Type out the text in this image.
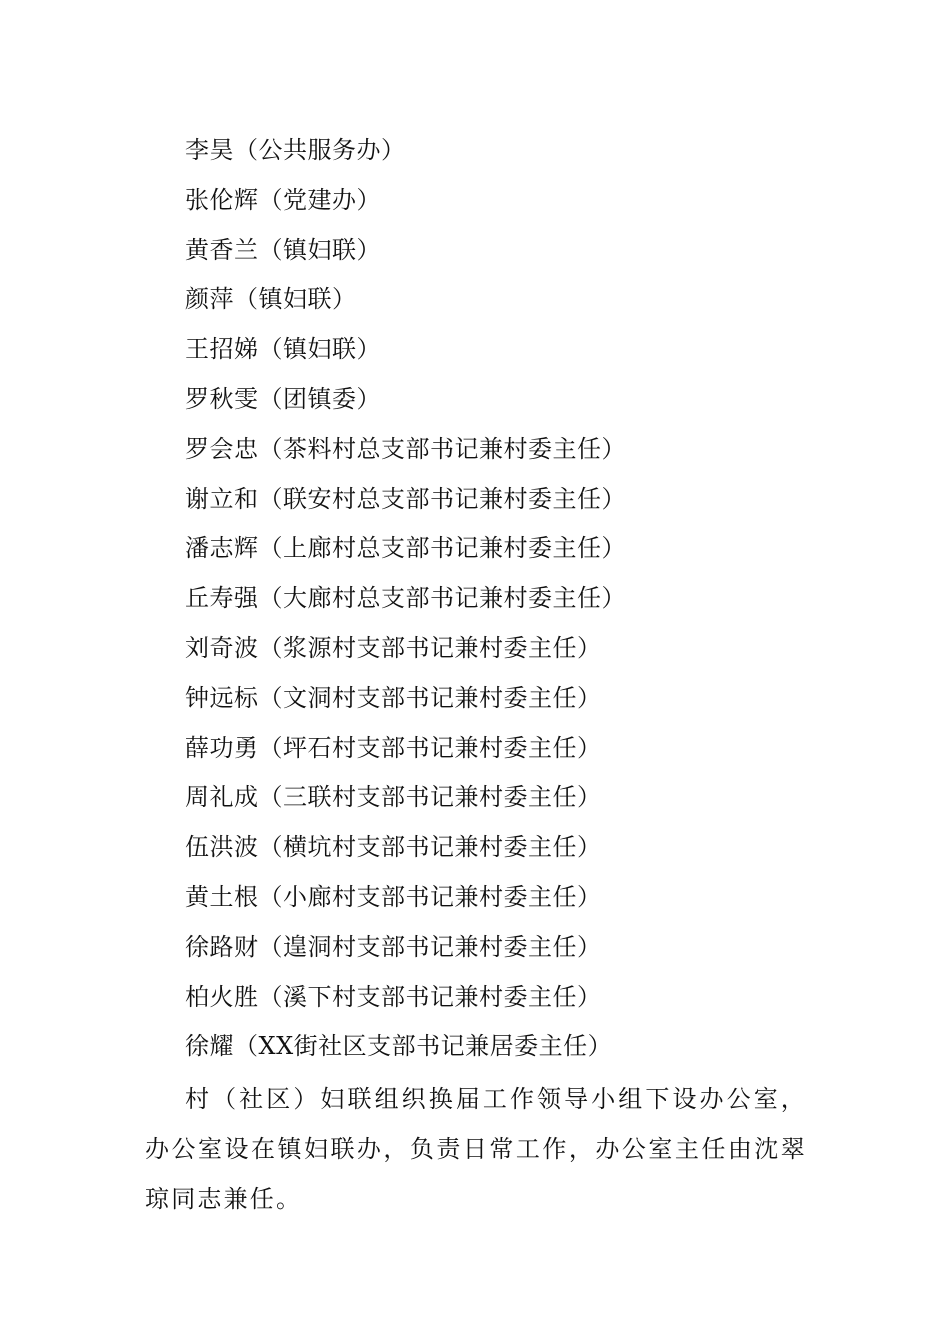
李昊（公共服务办）
张伦辉（党建办）
黄香兰（镇妇联）
颜萍（镇妇联）
王招娣（镇妇联）
罗秋雯（团镇委）
罗会忠（茶料村总支部书记兼村委主任）
谢立和（联安村总支部书记兼村委主任）
潘志辉（上廊村总支部书记兼村委主任）
丘寿强（大廊村总支部书记兼村委主任）
刘奇波（浆源村支部书记兼村委主任）
钟远标（文洞村支部书记兼村委主任）
薛功勇（坪石村支部书记兼村委主任）
周礼成（三联村支部书记兼村委主任）
伍洪波（横坑村支部书记兼村委主任）
黄土根（小廊村支部书记兼村委主任）
徐路财（遑洞村支部书记兼村委主任）
柏火胜（溪下村支部书记兼村委主任）
徐耀（XX街社区支部书记兼居委主任）

村（社区）妇联组织换届工作领导小组下设办公室，办公室设在镇妇联办，负责日常工作，办公室主任由沈翠琼同志兼任。
